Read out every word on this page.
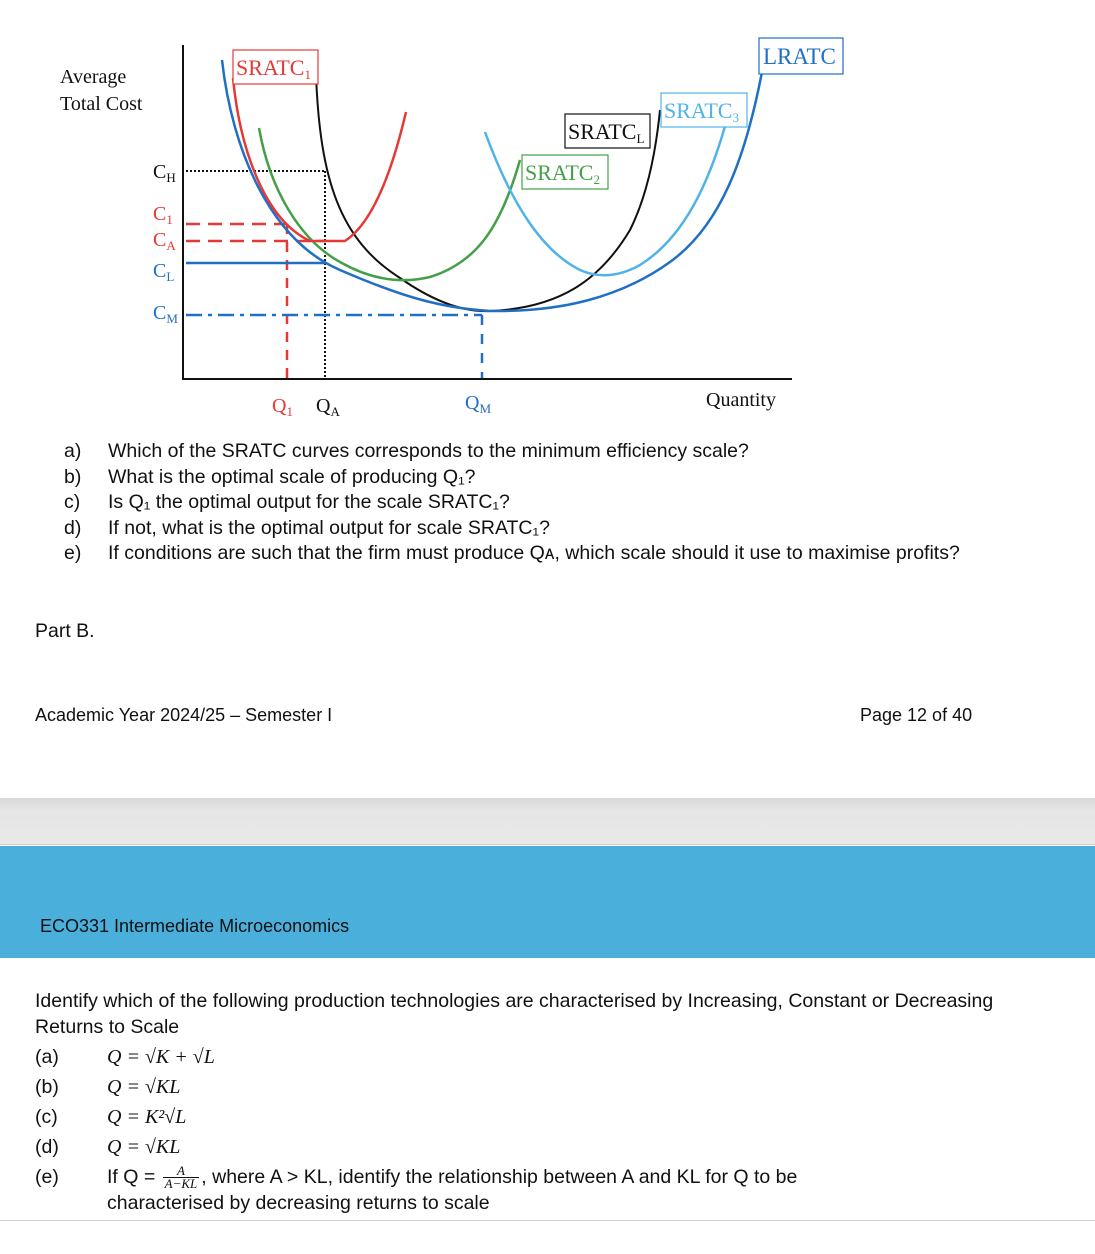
Average
Total Cost
Quantity
$C_H$
$C_1$
$C_A$
$C_L$
$C_M$
$Q_1$ $Q_A$	$Q_M$
SRATC1
SRATCL
SRATC2
SRATC3
LRATC
a)	Which of the SRATC curves corresponds to the minimum efficiency scale?
b)	What is the optimal scale of producing Q₁?
c)	Is Q₁ the optimal output for the scale SRATC₁?
d)	If not, what is the optimal output for scale SRATC₁?
e)	If conditions are such that the firm must produce Qᴀ, which scale should it use to maximise profits?
Part B.
Academic Year 2024/25 – Semester I	Page 12 of 40
ECO331 Intermediate Microeconomics
Identify which of the following production technologies are characterised by Increasing, Constant or Decreasing Returns to Scale
(a)	Q = √K + √L
(b)	Q = √KL
(c)	Q = K²√L
(d)	Q = √KL
(e)	If $Q = \frac{A}{A-KL}$ , where A > KL, identify the relationship between A and KL for Q to be
characterised by decreasing returns to scale
